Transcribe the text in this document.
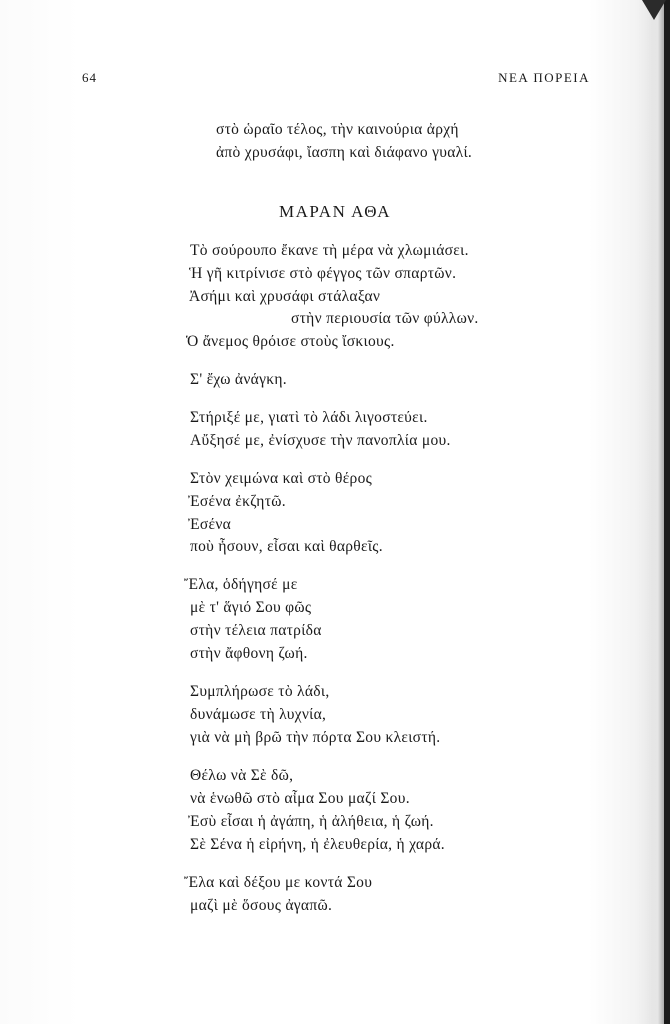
64	ΝΕΑ ΠΟΡΕΙΑ
στὸ ὡραῖο τέλος, τὴν καινούρια ἀρχή
ἀπὸ χρυσάφι, ἴασπη καὶ διάφανο γυαλί.
ΜΑΡΑΝ ΑΘΑ
Τὸ σούρουπο ἔκανε τὴ μέρα νὰ χλωμιάσει.
Ἡ γῆ κιτρίνισε στὸ φέγγος τῶν σπαρτῶν.
Ἀσήμι καὶ χρυσάφι στάλαξαν
στὴν περιουσία τῶν φύλλων.
Ὁ ἄνεμος θρόισε στοὺς ἴσκιους.
Σ' ἔχω ἀνάγκη.
Στήριξέ με, γιατὶ τὸ λάδι λιγοστεύει.
Αὔξησέ με, ἐνίσχυσε τὴν πανοπλία μου.
Στὸν χειμώνα καὶ στὸ θέρος
Ἐσένα ἐκζητῶ.
Ἐσένα
ποὺ ἦσουν, εἶσαι καὶ θαρθεῖς.
Ἔλα, ὁδήγησέ με
μὲ τ' ἅγιό Σου φῶς
στὴν τέλεια πατρίδα
στὴν ἄφθονη ζωή.
Συμπλήρωσε τὸ λάδι,
δυνάμωσε τὴ λυχνία,
γιὰ νὰ μὴ βρῶ τὴν πόρτα Σου κλειστή.
Θέλω νὰ Σὲ δῶ,
νὰ ἑνωθῶ στὸ αἷμα Σου μαζί Σου.
Ἐσὺ εἶσαι ἡ ἀγάπη, ἡ ἀλήθεια, ἡ ζωή.
Σὲ Σένα ἡ εἰρήνη, ἡ ἐλευθερία, ἡ χαρά.
Ἔλα καὶ δέξου με κοντά Σου
μαζὶ μὲ ὅσους ἀγαπῶ.
